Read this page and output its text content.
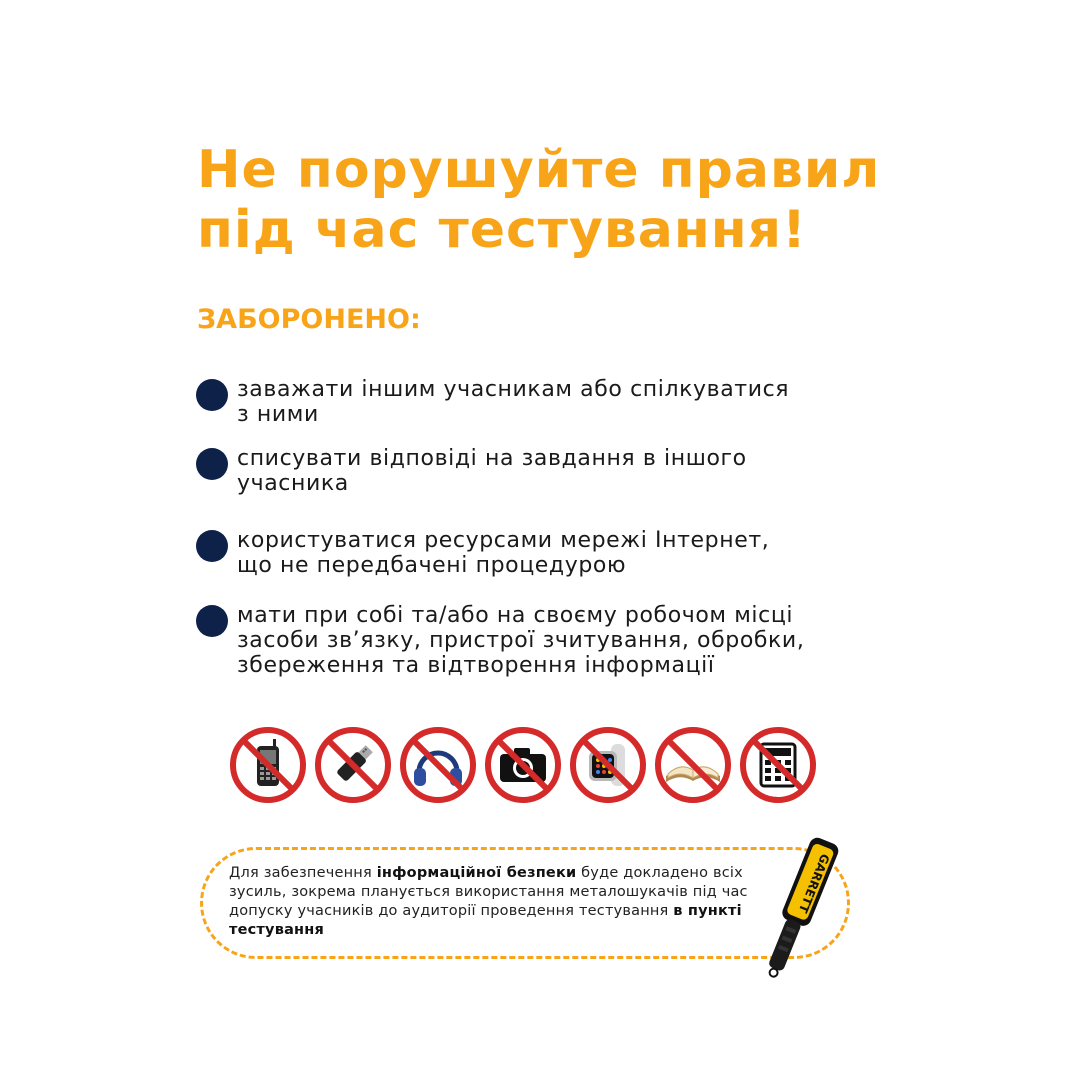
Не порушуйте правил
під час тестування!
ЗАБОРОНЕНО:
заважати іншим учасникам або спілкуватися
з ними
списувати відповіді на завдання в іншого
учасника
користуватися ресурсами мережі Інтернет,
що не передбачені процедурою
мати при собі та/або на своєму робочом місці
засоби зв’язку, пристрої зчитування, обробки,
збереження та відтворення інформації
Для забезпечення інформаційної безпеки буде докладено всіх зусиль, зокрема планується використання металошукачів під час допуску учасників до аудиторії проведення тестування в пункті тестування
GARRETT
